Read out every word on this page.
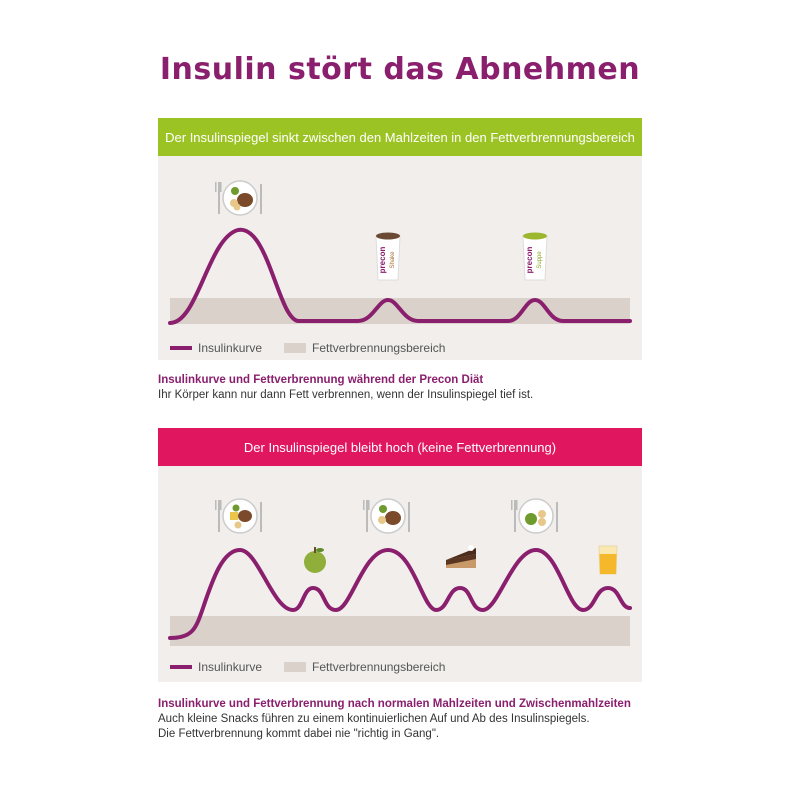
Insulin stört das Abnehmen
Der Insulinspiegel sinkt zwischen den Mahlzeiten in den Fettverbrennungsbereich
precon Shake	precon Suppe
Insulinkurve	Fettverbrennungsbereich
Insulinkurve und Fettverbrennung während der Precon Diät
Ihr Körper kann nur dann Fett verbrennen, wenn der Insulinspiegel tief ist.
Der Insulinspiegel bleibt hoch (keine Fettverbrennung)
Insulinkurve	Fettverbrennungsbereich
Insulinkurve und Fettverbrennung nach normalen Mahlzeiten und Zwischenmahlzeiten
Auch kleine Snacks führen zu einem kontinuierlichen Auf und Ab des Insulinspiegels.
Die Fettverbrennung kommt dabei nie "richtig in Gang".
